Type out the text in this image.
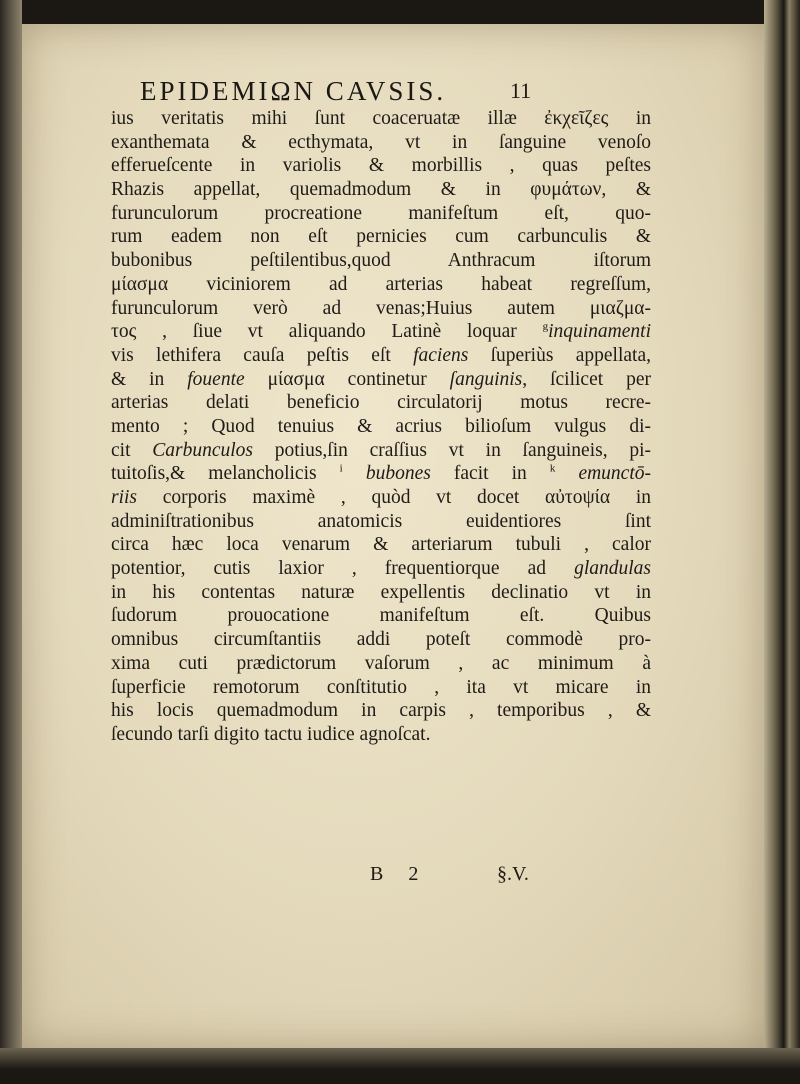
EPIDEMIΩN CAVSIS.	11
ius veritatis mihi ſunt coaceruatæ illæ ἐκχεῖζες in
exanthemata & ecthymata, vt in ſanguine venoſo
efferueſcente in variolis & morbillis , quas peſtes
Rhazis appellat, quemadmodum & in φυμάτων, &
furunculorum procreatione manifeſtum eſt, quo-
rum eadem non eſt pernicies cum carbunculis &
bubonibus peſtilentibus,quod Anthracum iſtorum
μίασμα viciniorem ad arterias habeat regreſſum,
furunculorum verò ad venas;Huius autem μιαζμα-
τος , ſiue vt aliquando Latinè loquar $^g$inquinamenti
vis lethifera cauſa peſtis eſt faciens ſuperiùs appellata,
& in fouente μίασμα continetur ſanguinis, ſcilicet per
arterias delati beneficio circulatorij motus recre-
mento ; Quod tenuius & acrius bilioſum vulgus di-
cit Carbunculos potius,ſin craſſius vt in ſanguineis, pi-
tuitoſis,& melancholicis $^i$ bubones facit in $^k$ emunctō-
riis corporis maximè , quòd vt docet αὐτοψία in
adminiſtrationibus anatomicis euidentiores ſint
circa hæc loca venarum & arteriarum tubuli , calor
potentior, cutis laxior , frequentiorque ad glandulas
in his contentas naturæ expellentis declinatio vt in
ſudorum prouocatione manifeſtum eſt. Quibus
omnibus circumſtantiis addi poteſt commodè pro-
xima cuti prædictorum vaſorum , ac minimum à
ſuperficie remotorum conſtitutio , ita vt micare in
his locis quemadmodum in carpis , temporibus , &
ſecundo tarſi digito tactu iudice agnoſcat.
B 2	§.V.
